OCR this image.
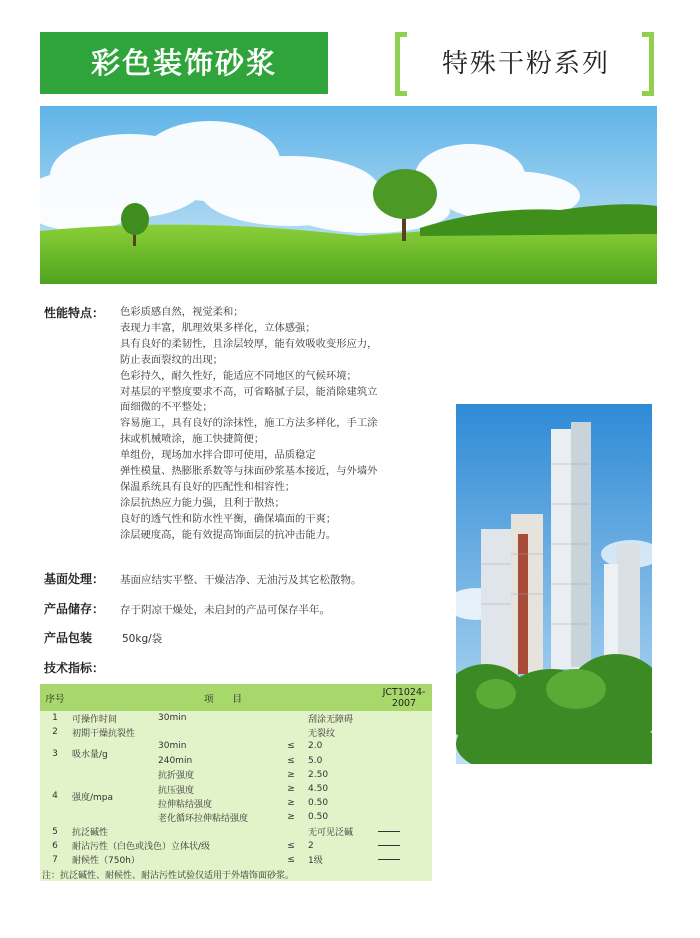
彩色装饰砂浆	特殊干粉系列
性能特点： 色彩质感自然，视觉柔和；
表现力丰富，肌理效果多样化，立体感强；
具有良好的柔韧性，且涂层较厚，能有效吸收变形应力，
防止表面裂纹的出现；
色彩持久，耐久性好，能适应不同地区的气候环境；
对基层的平整度要求不高，可省略腻子层，能消除建筑立
面细微的不平整处；
容易施工，具有良好的涂抹性，施工方法多样化，手工涂
抹或机械喷涂，施工快捷简便；
单组份，现场加水拌合即可使用，品质稳定
弹性模量、热膨胀系数等与抹面砂浆基本接近，与外墙外
保温系统具有良好的匹配性和相容性；
涂层抗热应力能力强，且利于散热；
良好的透气性和防水性平衡，确保墙面的干爽；
涂层硬度高，能有效提高饰面层的抗冲击能力。
基面处理： 基面应结实平整、干燥洁净、无油污及其它松散物。
产品储存： 存于阴凉干燥处，未启封的产品可保存半年。
产品包装	50kg/袋
技术指标：
序号	项　　目				JCT1024-2007
1	可操作时间	30min		刮涂无障碍	
2	初期干燥抗裂性			无裂纹	
3	吸水量/g	30min	≤	2.0	
		240min	≤	5.0	
4	强度/mpa	抗折强度	≥	2.50	
		抗压强度	≥	4.50	
		拉伸粘结强度	≥	0.50	
		老化循环拉伸粘结强度	≥	0.50	
5	抗泛碱性			无可见泛碱	
6	耐沾污性（白色或浅色）立体状/级		≤	2	
7	耐候性（750h）		≤	1级	
注：抗泛碱性、耐候性、耐沾污性试验仅适用于外墙饰面砂浆。					
